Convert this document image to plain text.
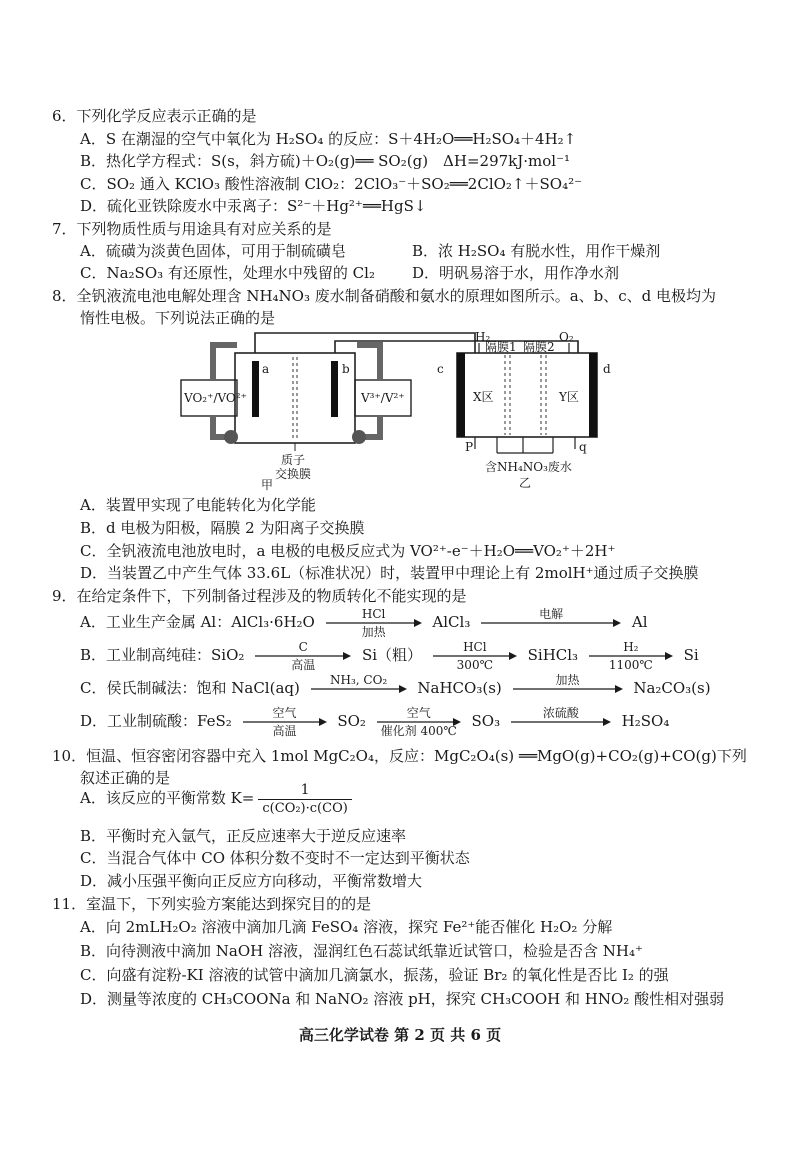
6．下列化学反应表示正确的是
A．S 在潮湿的空气中氧化为 H₂SO₄ 的反应：S＋4H₂O══H₂SO₄＋4H₂↑
B．热化学方程式：S(s，斜方硫)＋O₂(g)══ SO₂(g)　ΔH=297kJ·mol⁻¹
C．SO₂ 通入 KClO₃ 酸性溶液制 ClO₂：2ClO₃⁻＋SO₂══2ClO₂↑＋SO₄²⁻
D．硫化亚铁除废水中汞离子：S²⁻＋Hg²⁺══HgS↓
7．下列物质性质与用途具有对应关系的是
A．硫磺为淡黄色固体，可用于制硫磺皂	B．浓 H₂SO₄ 有脱水性，用作干燥剂
C．Na₂SO₃ 有还原性，处理水中残留的 Cl₂ D．明矾易溶于水，用作净水剂
8．全钒液流电池电解处理含 NH₄NO₃ 废水制备硝酸和氨水的原理如图所示。a、b、c、d 电极均为
惰性电极。下列说法正确的是
a	b	c	d
VO₂⁺/VO²⁺	V³⁺/V²⁺
质子
交换膜
甲
H₂	O₂
隔膜1 隔膜2
X区	Y区
P	q
含NH₄NO₃废水
乙
A．装置甲实现了电能转化为化学能
B．d 电极为阳极，隔膜 2 为阳离子交换膜
C．全钒液流电池放电时，a 电极的电极反应式为 VO²⁺-e⁻＋H₂O══VO₂⁺＋2H⁺
D．当装置乙中产生气体 33.6L（标准状况）时，装置甲中理论上有 2molH⁺通过质子交换膜
9．在给定条件下，下列制备过程涉及的物质转化不能实现的是
A．工业生产金属 Al：AlCl₃·6H₂O	HCl
加热
AlCl₃	电解	Al
B．工业制高纯硅：SiO₂	C
高温
Si（粗）	HCl
300℃
SiHCl₃	H₂
1100℃
Si
C．侯氏制碱法：饱和 NaCl(aq)	NH₃, CO₂	NaHCO₃(s)	加热	Na₂CO₃(s)
D．工业制硫酸：FeS₂	空气
高温
SO₂	空气
催化剂 400℃
SO₃	浓硫酸	H₂SO₄
10．恒温、恒容密闭容器中充入 1mol MgC₂O₄，反应：MgC₂O₄(s) ══MgO(g)+CO₂(g)+CO(g)下列
叙述正确的是
A．该反应的平衡常数 $K= \frac{1}{\text{c(CO₂)·c(CO)}}$
B．平衡时充入氩气，正反应速率大于逆反应速率
C．当混合气体中 CO 体积分数不变时不一定达到平衡状态
D．减小压强平衡向正反应方向移动，平衡常数增大
11．室温下，下列实验方案能达到探究目的的是
A．向 2mLH₂O₂ 溶液中滴加几滴 FeSO₄ 溶液，探究 Fe²⁺能否催化 H₂O₂ 分解
B．向待测液中滴加 NaOH 溶液，湿润红色石蕊试纸靠近试管口，检验是否含 NH₄⁺
C．向盛有淀粉-KI 溶液的试管中滴加几滴氯水，振荡，验证 Br₂ 的氧化性是否比 I₂ 的强
D．测量等浓度的 CH₃COONa 和 NaNO₂ 溶液 pH，探究 CH₃COOH 和 HNO₂ 酸性相对强弱
高三化学试卷 第 2 页 共 6 页
